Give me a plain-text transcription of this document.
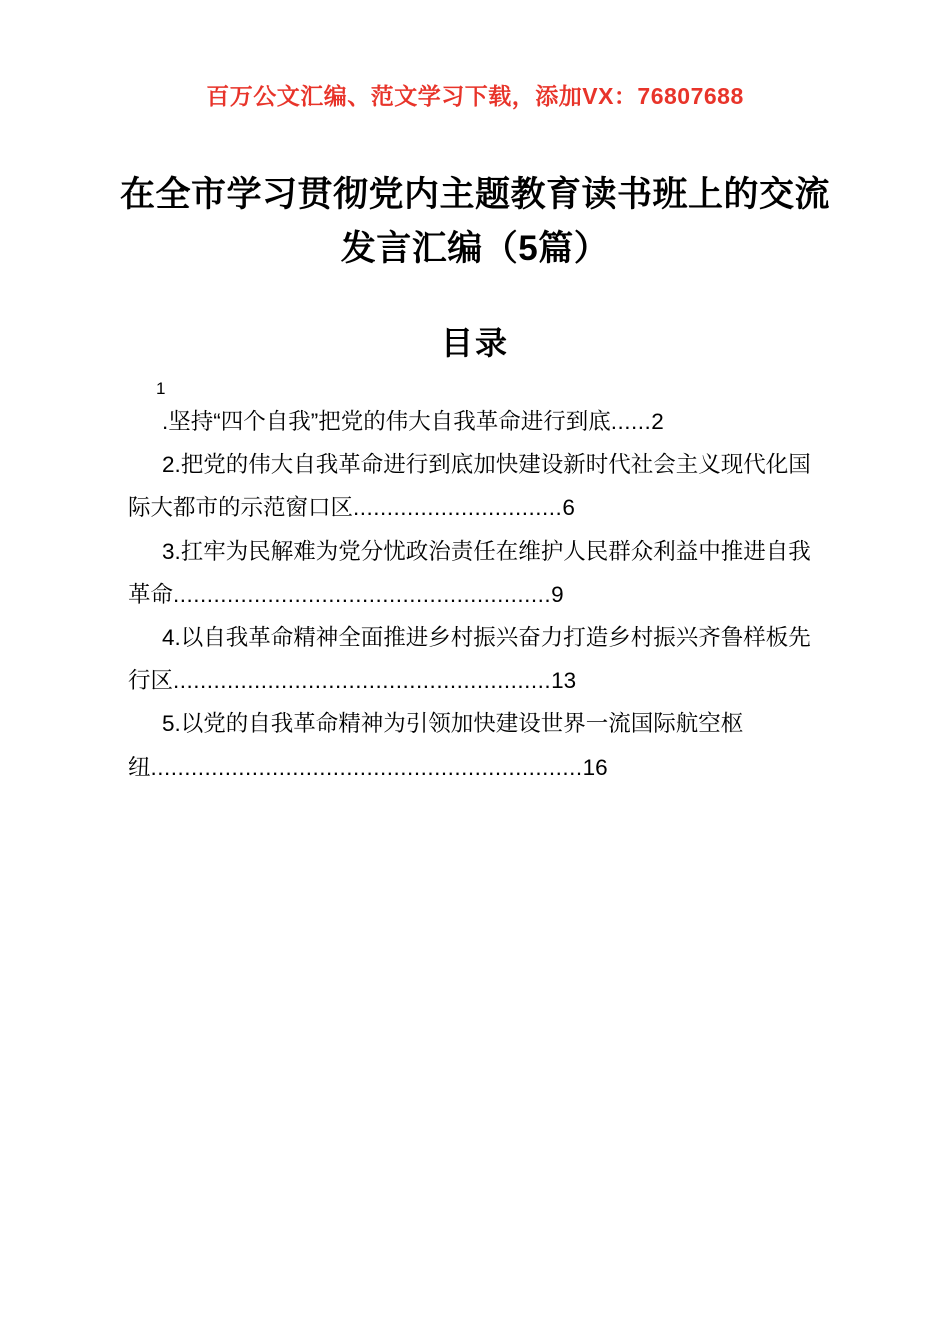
百万公文汇编、范文学习下载，添加VX：76807688
在全市学习贯彻党内主题教育读书班上的交流发言汇编（5篇）
目录
1
.坚持“四个自我”把党的伟大自我革命进行到底......2
2.把党的伟大自我革命进行到底加快建设新时代社会主义现代化国际大都市的示范窗口区...............................6
3.扛牢为民解难为党分忧政治责任在维护人民群众利益中推进自我革命........................................................9
4.以自我革命精神全面推进乡村振兴奋力打造乡村振兴齐鲁样板先行区........................................................13
5.以党的自我革命精神为引领加快建设世界一流国际航空枢纽................................................................16
